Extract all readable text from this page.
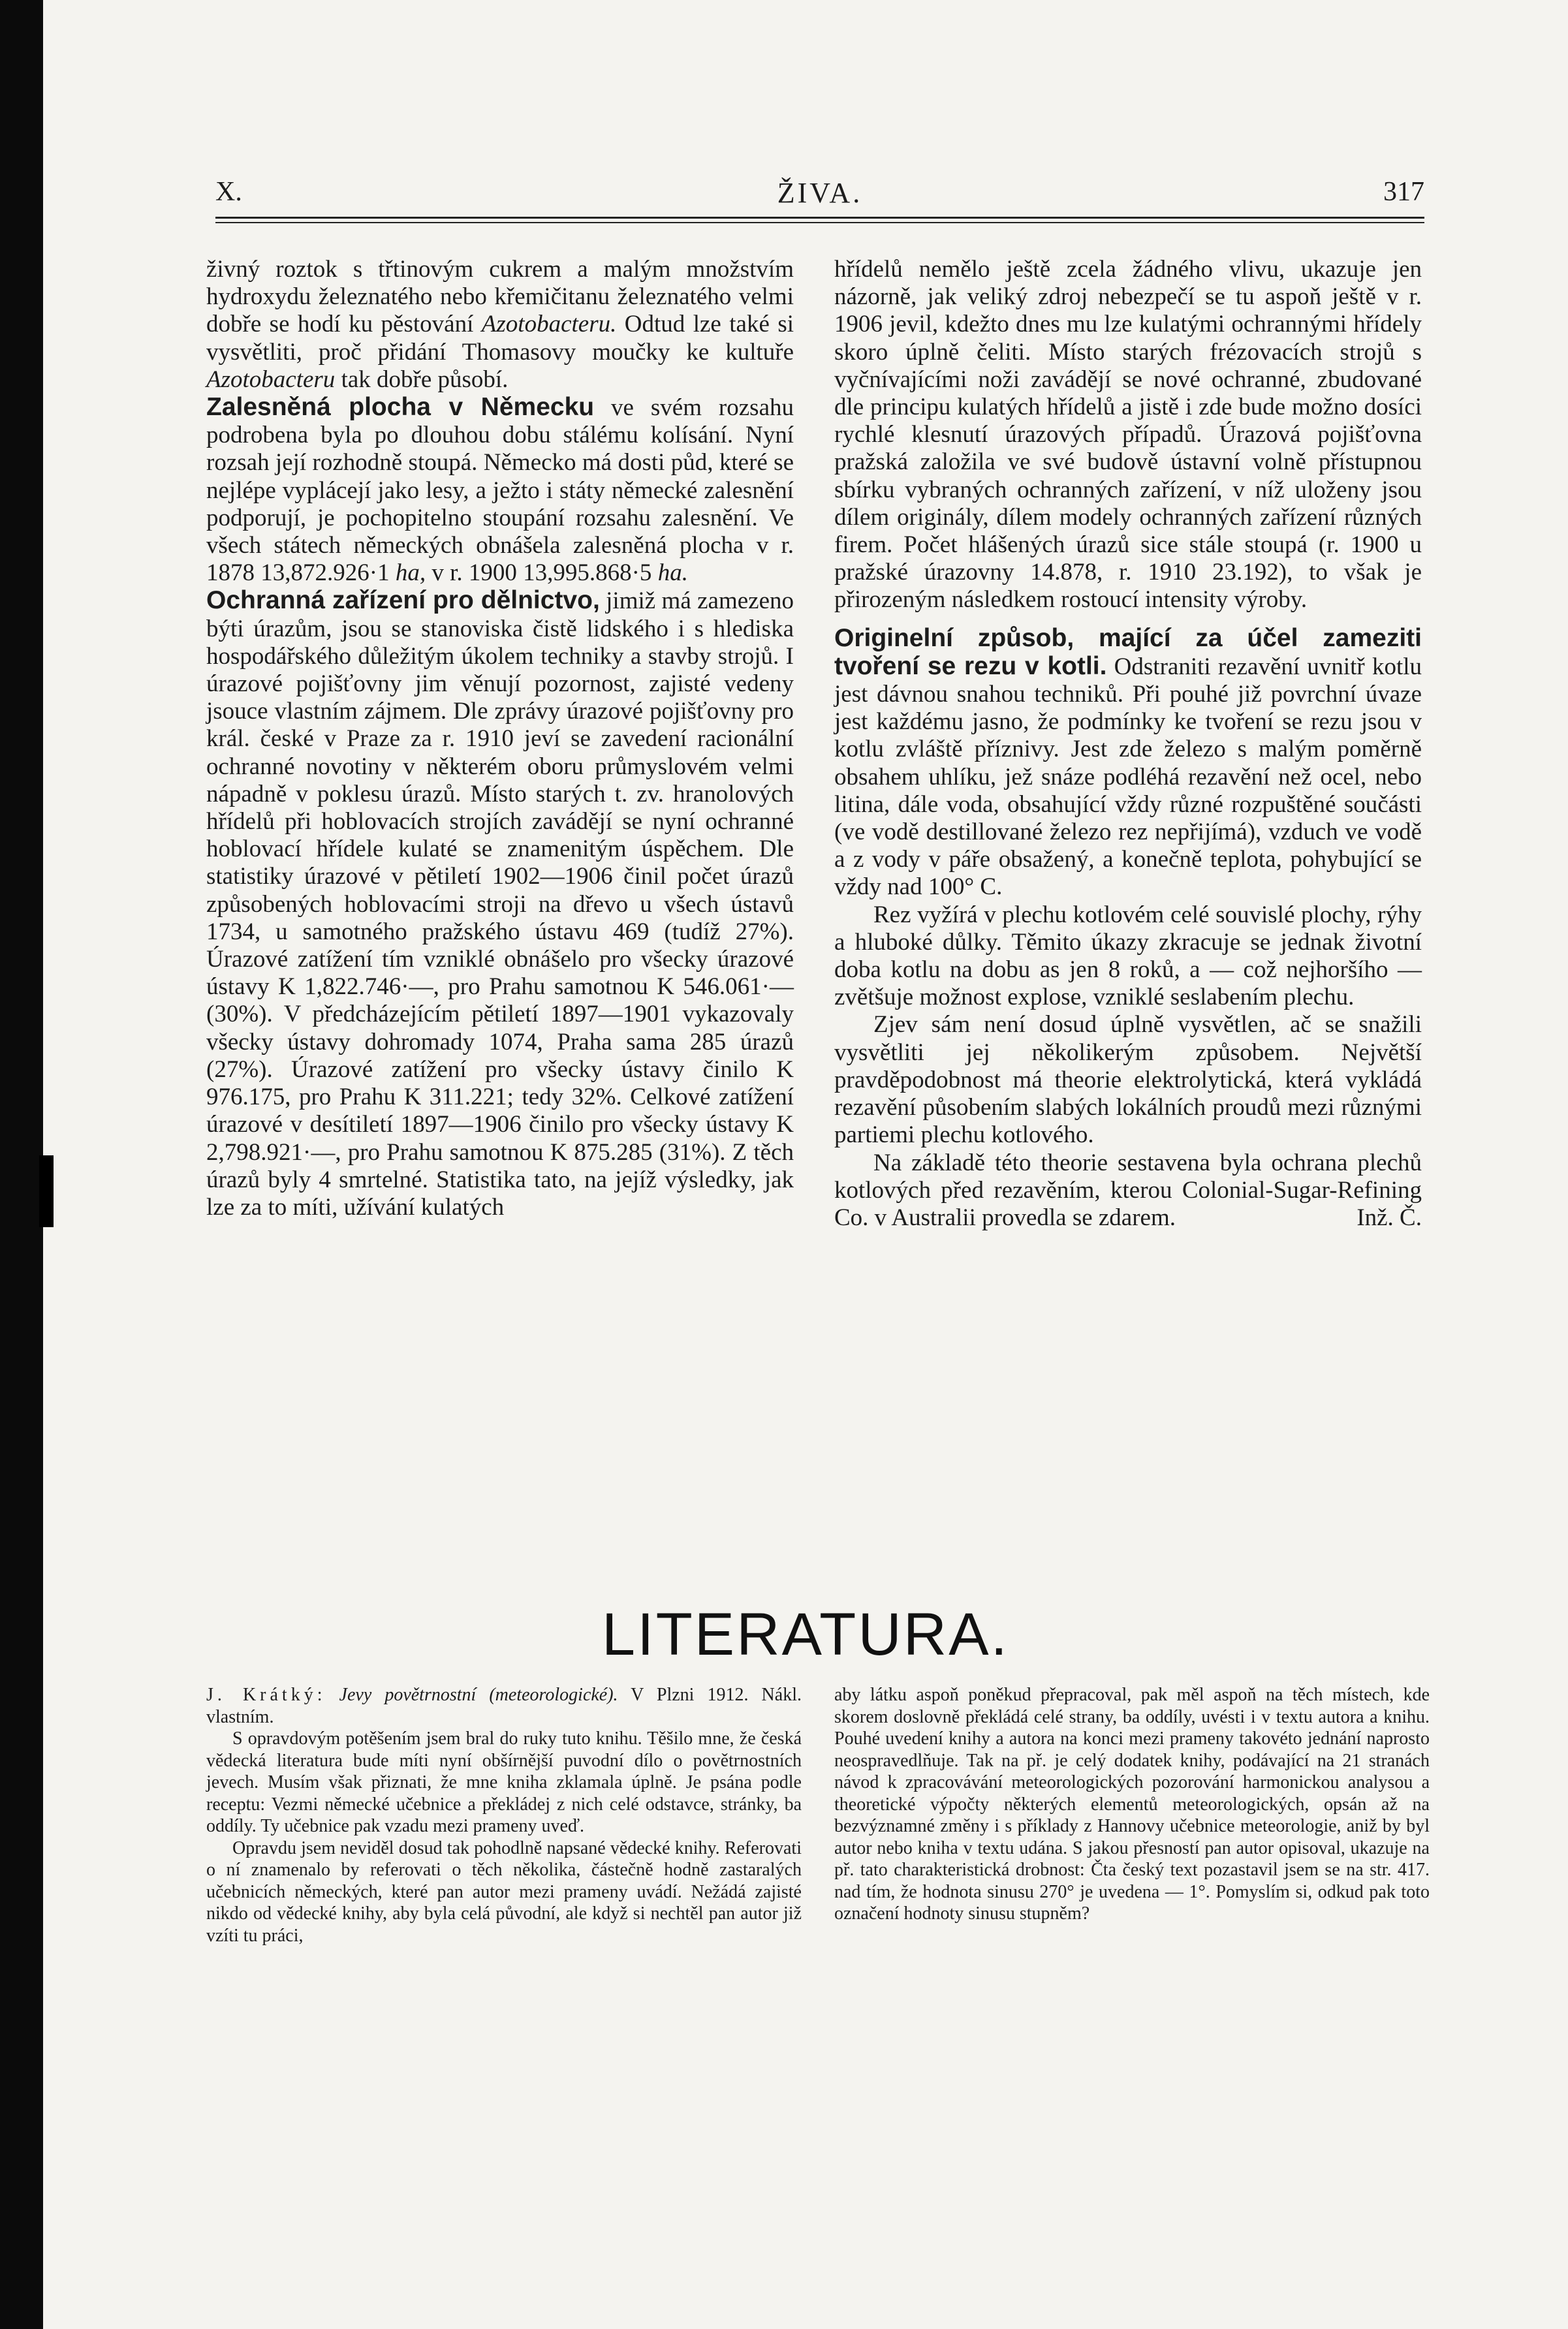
X.	ŽIVA.	317

živný roztok s třtinovým cukrem a malým množstvím hydroxydu železnatého nebo křemičitanu železnatého velmi dobře se hodí ku pěstování Azotobacteru. Odtud lze také si vysvětliti, proč přidání Thomasovy moučky ke kultuře Azotobacteru tak dobře působí.

Zalesněná plocha v Německu ve svém rozsahu podrobena byla po dlouhou dobu stálému kolísání. Nyní rozsah její rozhodně stoupá. Německo má dosti půd, které se nejlépe vyplácejí jako lesy, a ježto i státy německé zalesnění podporují, je pochopitelno stoupání rozsahu zalesnění. Ve všech státech německých obnášela zalesněná plocha v r. 1878 13,872.926·1 ha, v r. 1900 13,995.868·5 ha.

Ochranná zařízení pro dělnictvo, jimiž má zamezeno býti úrazům, jsou se stanoviska čistě lidského i s hlediska hospodářského důležitým úkolem techniky a stavby strojů. I úrazové pojišťovny jim věnují pozornost, zajisté vedeny jsouce vlastním zájmem. Dle zprávy úrazové pojišťovny pro král. české v Praze za r. 1910 jeví se zavedení racionální ochranné novotiny v některém oboru průmyslovém velmi nápadně v poklesu úrazů. Místo starých t. zv. hranolových hřídelů při hoblovacích strojích zavádějí se nyní ochranné hoblovací hřídele kulaté se znamenitým úspěchem. Dle statistiky úrazové v pětiletí 1902—1906 činil počet úrazů způsobených hoblovacími stroji na dřevo u všech ústavů 1734, u samotného pražského ústavu 469 (tudíž 27%). Úrazové zatížení tím vzniklé obnášelo pro všecky úrazové ústavy K 1,822.746·—, pro Prahu samotnou K 546.061·— (30%). V předcházejícím pětiletí 1897—1901 vykazovaly všecky ústavy dohromady 1074, Praha sama 285 úrazů (27%). Úrazové zatížení pro všecky ústavy činilo K 976.175, pro Prahu K 311.221; tedy 32%. Celkové zatížení úrazové v desítiletí 1897—1906 činilo pro všecky ústavy K 2,798.921·—, pro Prahu samotnou K 875.285 (31%). Z těch úrazů byly 4 smrtelné. Statistika tato, na jejíž výsledky, jak lze za to míti, užívání kulatých

hřídelů nemělo ještě zcela žádného vlivu, ukazuje jen názorně, jak veliký zdroj nebezpečí se tu aspoň ještě v r. 1906 jevil, kdežto dnes mu lze kulatými ochrannými hřídely skoro úplně čeliti. Místo starých frézovacích strojů s vyčnívajícími noži zavádějí se nové ochranné, zbudované dle principu kulatých hřídelů a jistě i zde bude možno dosíci rychlé klesnutí úrazových případů. Úrazová pojišťovna pražská založila ve své budově ústavní volně přístupnou sbírku vybraných ochranných zařízení, v níž uloženy jsou dílem originály, dílem modely ochranných zařízení různých firem. Počet hlášených úrazů sice stále stoupá (r. 1900 u pražské úrazovny 14.878, r. 1910 23.192), to však je přirozeným následkem rostoucí intensity výroby.

Originelní způsob, mající za účel zameziti tvoření se rezu v kotli. Odstraniti rezavění uvnitř kotlu jest dávnou snahou techniků. Při pouhé již povrchní úvaze jest každému jasno, že podmínky ke tvoření se rezu jsou v kotlu zvláště příznivy. Jest zde železo s malým poměrně obsahem uhlíku, jež snáze podléhá rezavění než ocel, nebo litina, dále voda, obsahující vždy různé rozpuštěné součásti (ve vodě destillované železo rez nepřijímá), vzduch ve vodě a z vody v páře obsažený, a konečně teplota, pohybující se vždy nad 100° C.

Rez vyžírá v plechu kotlovém celé souvislé plochy, rýhy a hluboké důlky. Těmito úkazy zkracuje se jednak životní doba kotlu na dobu as jen 8 roků, a — což nejhoršího — zvětšuje možnost explose, vzniklé seslabením plechu.

Zjev sám není dosud úplně vysvětlen, ač se snažili vysvětliti jej několikerým způsobem. Největší pravděpodobnost má theorie elektrolytická, která vykládá rezavění působením slabých lokálních proudů mezi různými partiemi plechu kotlového.

Na základě této theorie sestavena byla ochrana plechů kotlových před rezavěním, kterou Colonial-Sugar-Refining Co. v Australii provedla se zdarem.	Inž. Č.

LITERATURA.

J. Krátký: Jevy povětrnostní (meteorologické). V Plzni 1912. Nákl. vlastním.

S opravdovým potěšením jsem bral do ruky tuto knihu. Těšilo mne, že česká vědecká literatura bude míti nyní obšírnější puvodní dílo o povětrnostních jevech. Musím však přiznati, že mne kniha zklamala úplně. Je psána podle receptu: Vezmi německé učebnice a překládej z nich celé odstavce, stránky, ba oddíly. Ty učebnice pak vzadu mezi prameny uveď.

Opravdu jsem neviděl dosud tak pohodlně napsané vědecké knihy. Referovati o ní znamenalo by referovati o těch několika, částečně hodně zastaralých učebnicích německých, které pan autor mezi prameny uvádí. Nežádá zajisté nikdo od vědecké knihy, aby byla celá původní, ale když si nechtěl pan autor již vzíti tu práci,

aby látku aspoň poněkud přepracoval, pak měl aspoň na těch místech, kde skorem doslovně překládá celé strany, ba oddíly, uvésti i v textu autora a knihu. Pouhé uvedení knihy a autora na konci mezi prameny takovéto jednání naprosto neospravedlňuje. Tak na př. je celý dodatek knihy, podávající na 21 stranách návod k zpracovávání meteorologických pozorování harmonickou analysou a theoretické výpočty některých elementů meteorologických, opsán až na bezvýznamné změny i s příklady z Hannovy učebnice meteorologie, aniž by byl autor nebo kniha v textu udána. S jakou přesností pan autor opisoval, ukazuje na př. tato charakteristická drobnost: Čta český text pozastavil jsem se na str. 417. nad tím, že hodnota sinusu 270° je uvedena — 1°. Pomyslím si, odkud pak toto označení hodnoty sinusu stupněm?
